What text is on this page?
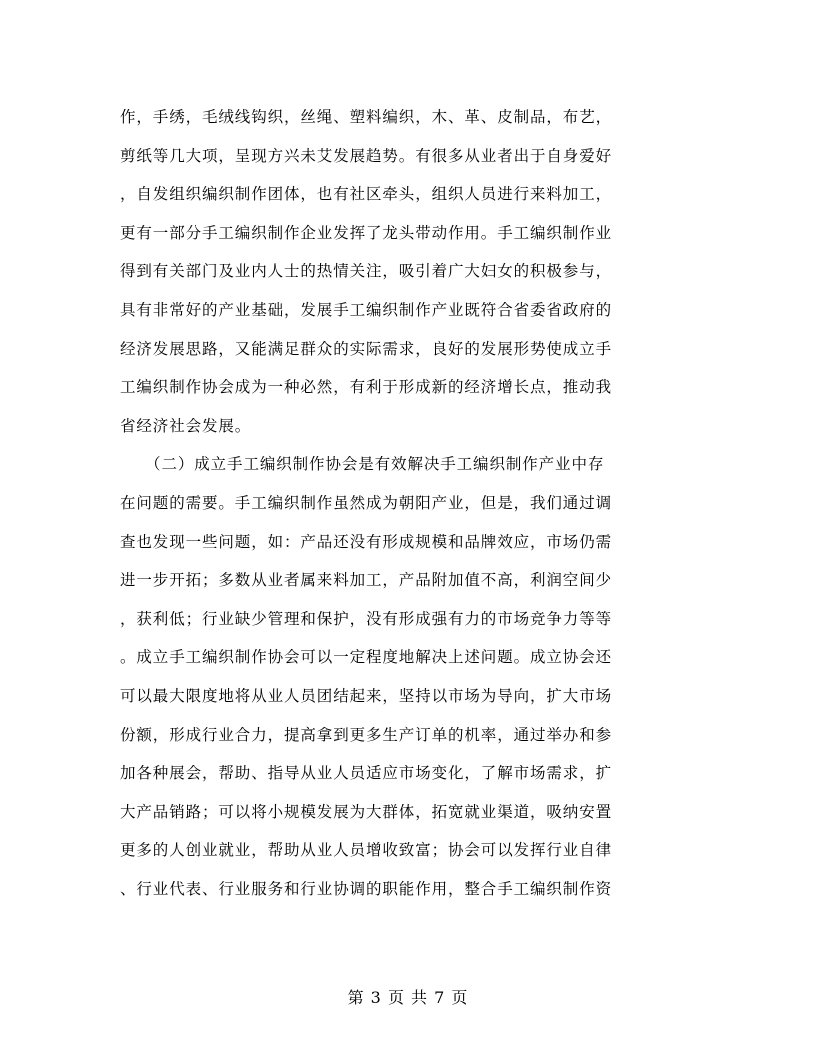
作，手绣，毛绒线钩织，丝绳、塑料编织，木、革、皮制品，布艺，
剪纸等几大项，呈现方兴未艾发展趋势。有很多从业者出于自身爱好
，自发组织编织制作团体，也有社区牵头，组织人员进行来料加工，
更有一部分手工编织制作企业发挥了龙头带动作用。手工编织制作业
得到有关部门及业内人士的热情关注，吸引着广大妇女的积极参与，
具有非常好的产业基础，发展手工编织制作产业既符合省委省政府的
经济发展思路，又能满足群众的实际需求，良好的发展形势使成立手
工编织制作协会成为一种必然，有利于形成新的经济增长点，推动我
省经济社会发展。
　　（二）成立手工编织制作协会是有效解决手工编织制作产业中存
在问题的需要。手工编织制作虽然成为朝阳产业，但是，我们通过调
查也发现一些问题，如：产品还没有形成规模和品牌效应，市场仍需
进一步开拓；多数从业者属来料加工，产品附加值不高，利润空间少
，获利低；行业缺少管理和保护，没有形成强有力的市场竞争力等等
。成立手工编织制作协会可以一定程度地解决上述问题。成立协会还
可以最大限度地将从业人员团结起来，坚持以市场为导向，扩大市场
份额，形成行业合力，提高拿到更多生产订单的机率，通过举办和参
加各种展会，帮助、指导从业人员适应市场变化，了解市场需求，扩
大产品销路；可以将小规模发展为大群体，拓宽就业渠道，吸纳安置
更多的人创业就业，帮助从业人员增收致富；协会可以发挥行业自律
、行业代表、行业服务和行业协调的职能作用，整合手工编织制作资
第 3 页 共 7 页
